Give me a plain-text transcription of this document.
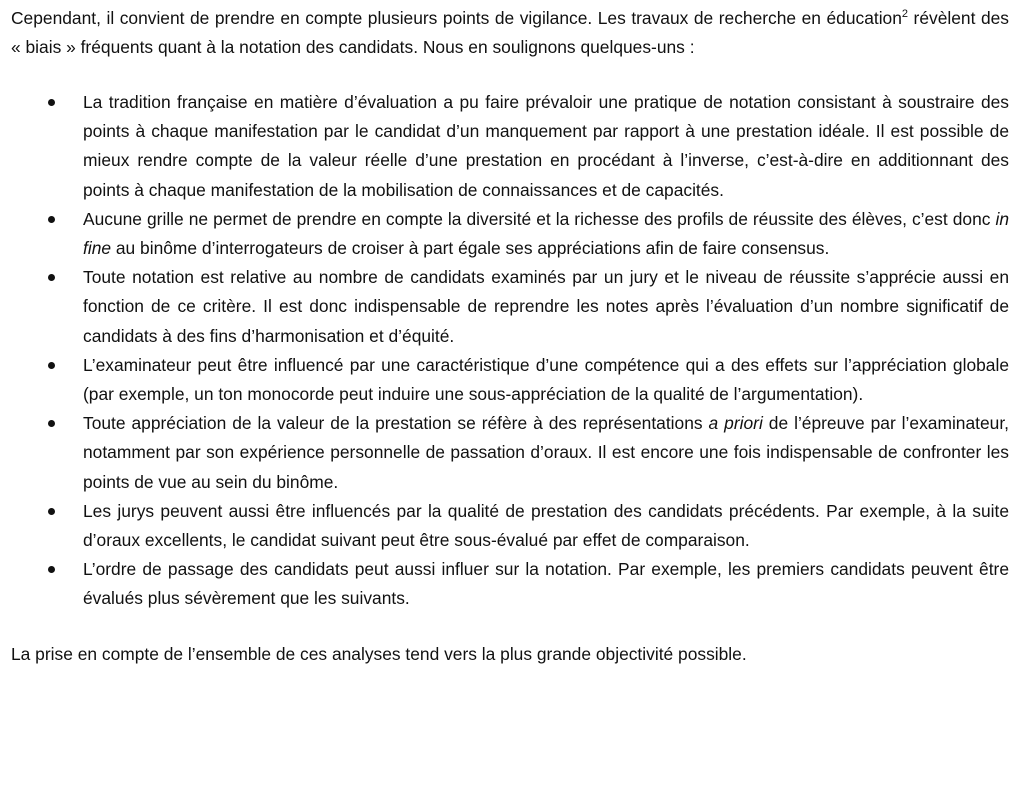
Cependant, il convient de prendre en compte plusieurs points de vigilance. Les travaux de recherche en éducation$^2$ révèlent des « biais » fréquents quant à la notation des candidats. Nous en soulignons quelques-uns :

La tradition française en matière d’évaluation a pu faire prévaloir une pratique de notation consistant à soustraire des points à chaque manifestation par le candidat d’un manquement par rapport à une prestation idéale. Il est possible de mieux rendre compte de la valeur réelle d’une prestation en procédant à l’inverse, c’est-à-dire en additionnant des points à chaque manifestation de la mobilisation de connaissances et de capacités.
Aucune grille ne permet de prendre en compte la diversité et la richesse des profils de réussite des élèves, c’est donc in fine au binôme d’interrogateurs de croiser à part égale ses appréciations afin de faire consensus.
Toute notation est relative au nombre de candidats examinés par un jury et le niveau de réussite s’apprécie aussi en fonction de ce critère. Il est donc indispensable de reprendre les notes après l’évaluation d’un nombre significatif de candidats à des fins d’harmonisation et d’équité.
L’examinateur peut être influencé par une caractéristique d’une compétence qui a des effets sur l’appréciation globale (par exemple, un ton monocorde peut induire une sous-appréciation de la qualité de l’argumentation).
Toute appréciation de la valeur de la prestation se réfère à des représentations a priori de l’épreuve par l’examinateur, notamment par son expérience personnelle de passation d’oraux. Il est encore une fois indispensable de confronter les points de vue au sein du binôme.
Les jurys peuvent aussi être influencés par la qualité de prestation des candidats précédents. Par exemple, à la suite d’oraux excellents, le candidat suivant peut être sous-évalué par effet de comparaison.
L’ordre de passage des candidats peut aussi influer sur la notation. Par exemple, les premiers candidats peuvent être évalués plus sévèrement que les suivants.

La prise en compte de l’ensemble de ces analyses tend vers la plus grande objectivité possible.
